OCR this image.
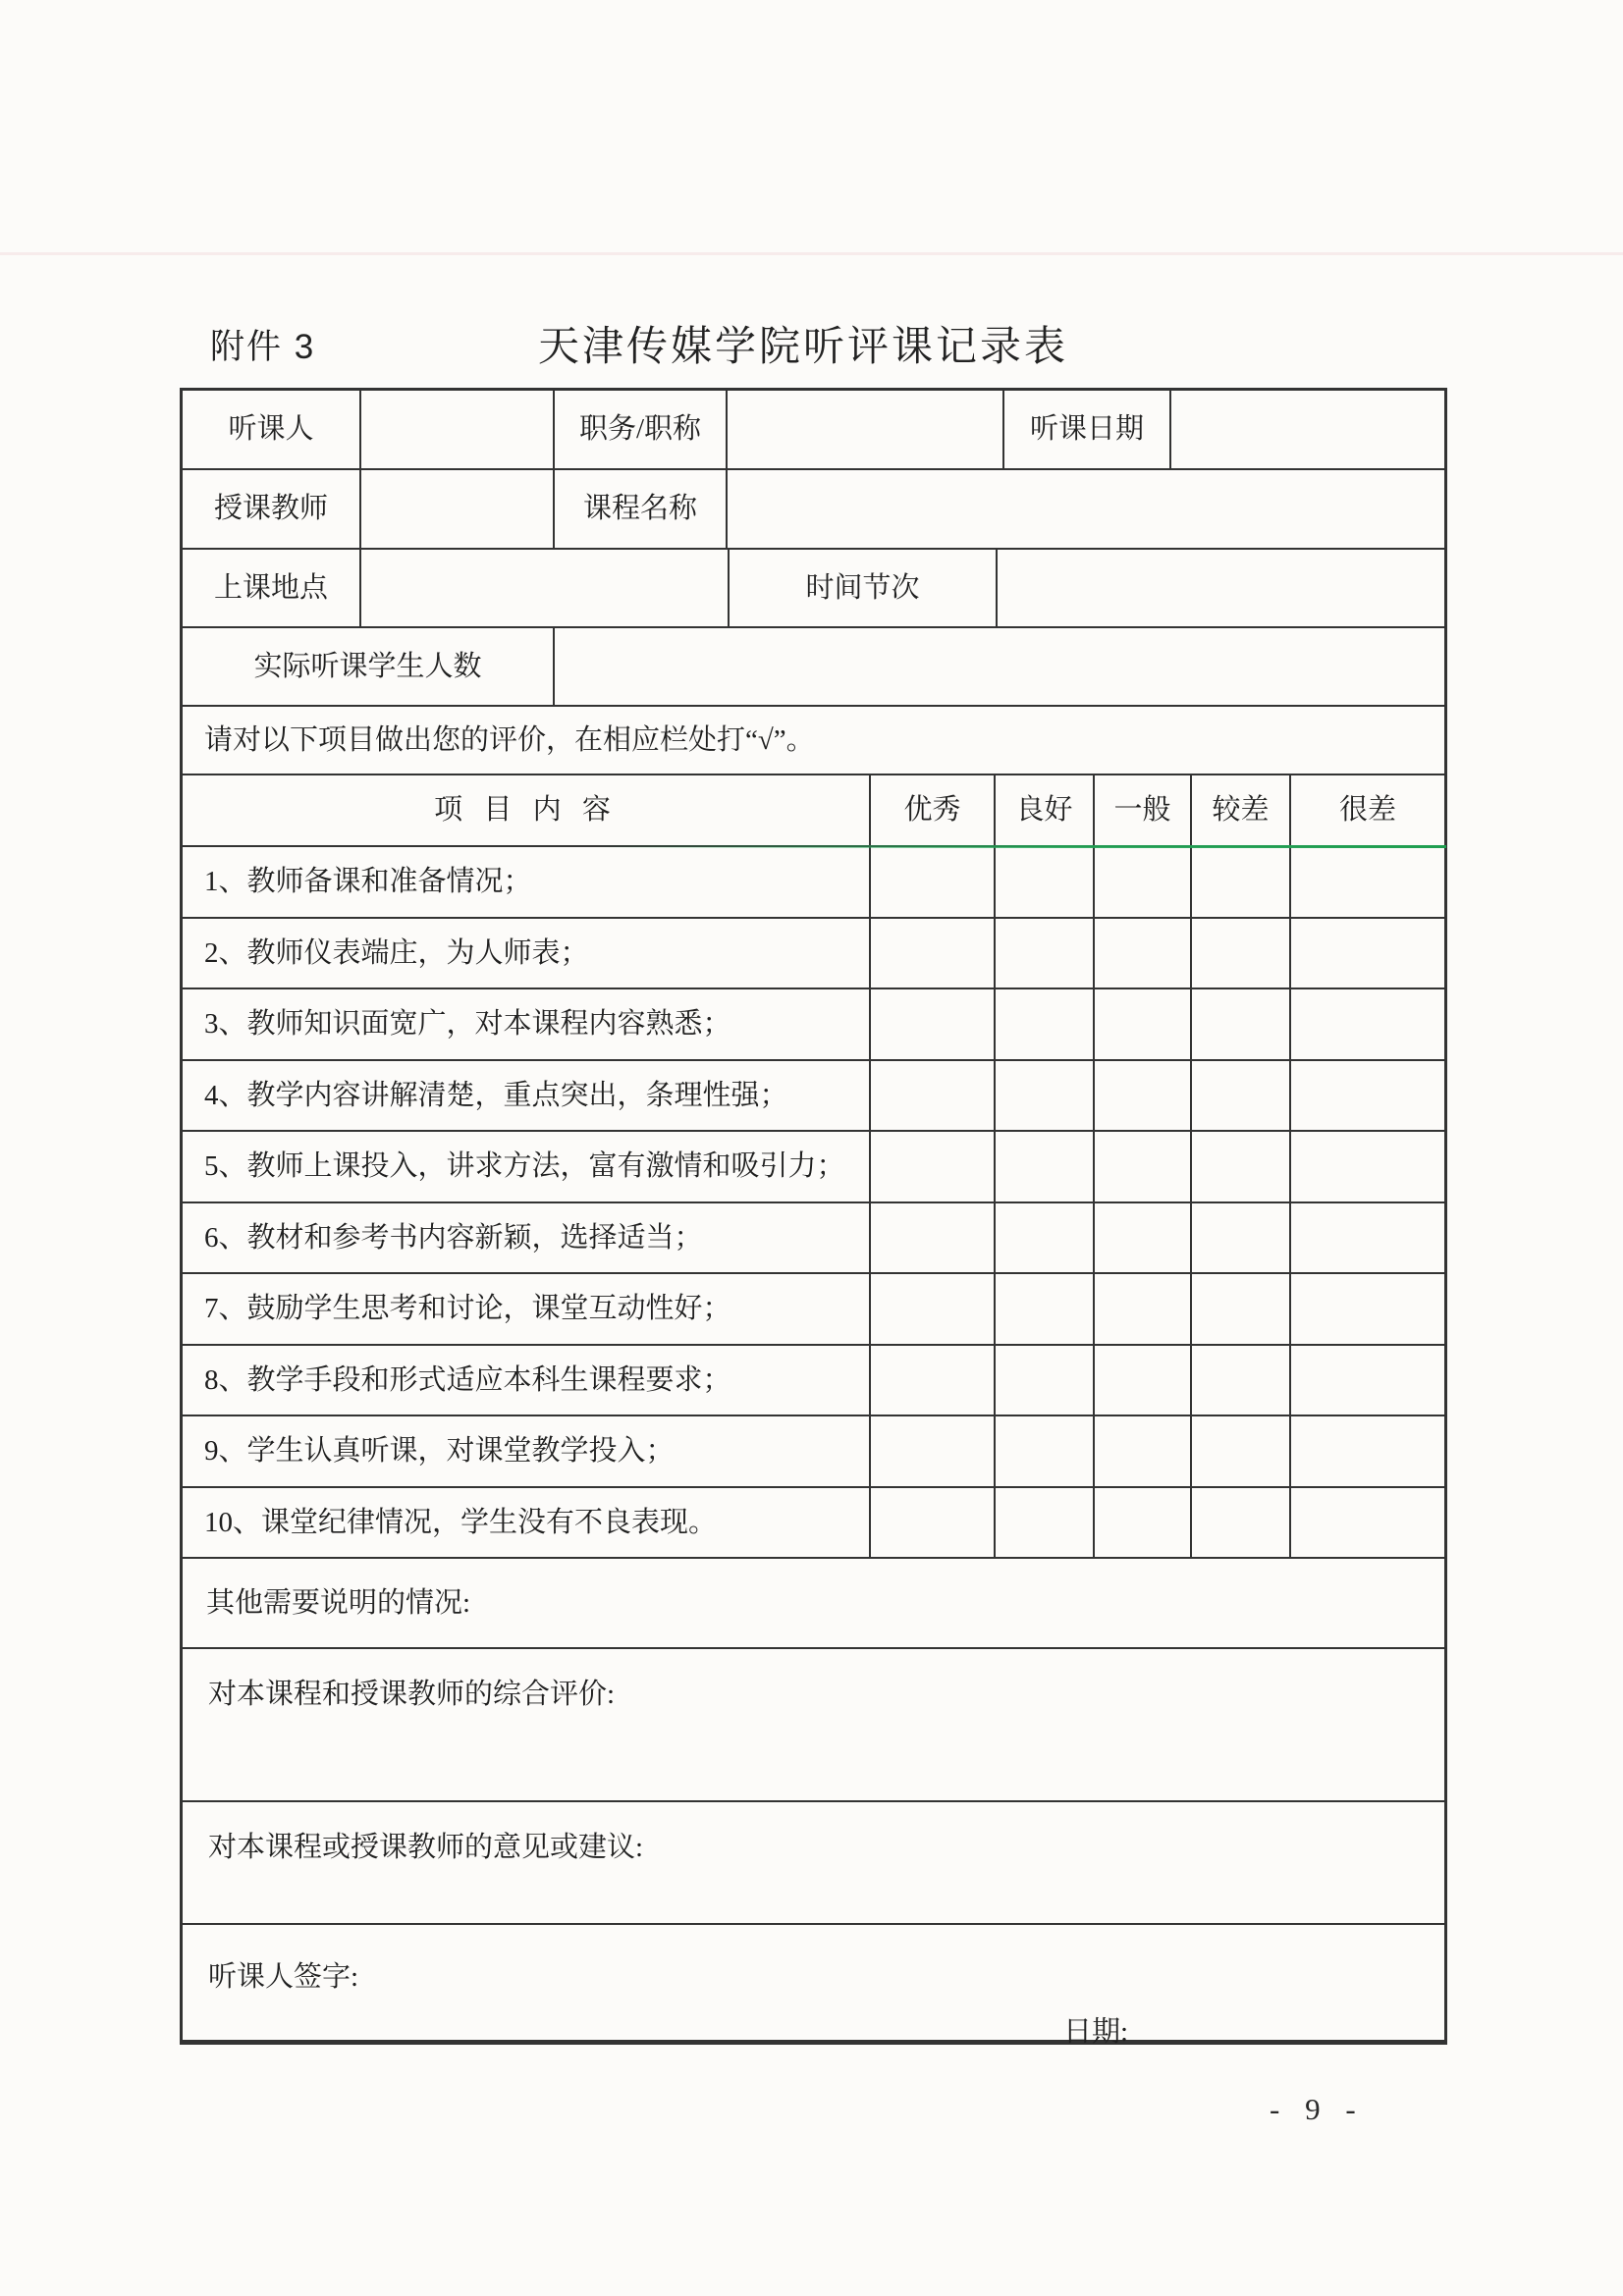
附件 3	天津传媒学院听评课记录表
听课人	职务/职称	听课日期
授课教师	课程名称
上课地点	时间节次
实际听课学生人数
请对以下项目做出您的评价，在相应栏处打“√”。
项 目 内 容	优秀	良好	一般	较差	很差
1、教师备课和准备情况；
2、教师仪表端庄，为人师表；
3、教师知识面宽广，对本课程内容熟悉；
4、教学内容讲解清楚，重点突出，条理性强；
5、教师上课投入，讲求方法，富有激情和吸引力；
6、教材和参考书内容新颖，选择适当；
7、鼓励学生思考和讨论，课堂互动性好；
8、教学手段和形式适应本科生课程要求；
9、学生认真听课，对课堂教学投入；
10、课堂纪律情况，学生没有不良表现。
其他需要说明的情况:
对本课程和授课教师的综合评价:
对本课程或授课教师的意见或建议:
听课人签字:
日期:
- 9 -
